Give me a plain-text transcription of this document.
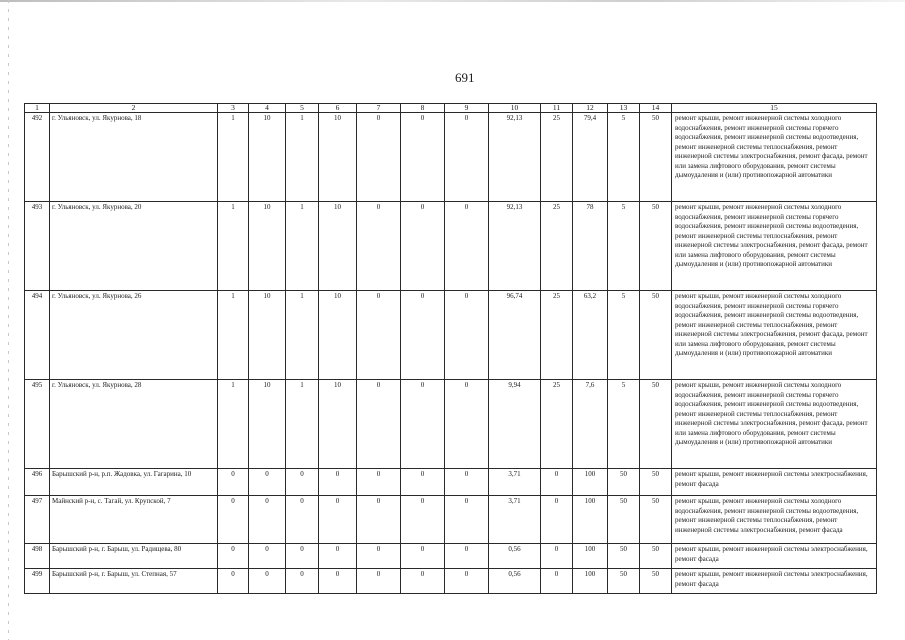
691
1	2	3	4	5	6	7	8	9	10	11	12	13	14	15
492	г. Ульяновск, ул. Якурнова, 18	1	10	1	10	0	0	0	92,13	25	79,4	5	50	ремонт крыши, ремонт инженерной системы холодного водоснабжения, ремонт инженерной системы горячего водоснабжения, ремонт инженерной системы водоотведения, ремонт инженерной системы теплоснабжения, ремонт инженерной системы электроснабжения, ремонт фасада, ремонт или замена лифтового оборудования, ремонт системы дымоудаления и (или) противопожарной автоматики
493	г. Ульяновск, ул. Якурнова, 20	1	10	1	10	0	0	0	92,13	25	78	5	50	ремонт крыши, ремонт инженерной системы холодного водоснабжения, ремонт инженерной системы горячего водоснабжения, ремонт инженерной системы водоотведения, ремонт инженерной системы теплоснабжения, ремонт инженерной системы электроснабжения, ремонт фасада, ремонт или замена лифтового оборудования, ремонт системы дымоудаления и (или) противопожарной автоматики
494	г. Ульяновск, ул. Якурнова, 26	1	10	1	10	0	0	0	96,74	25	63,2	5	50	ремонт крыши, ремонт инженерной системы холодного водоснабжения, ремонт инженерной системы горячего водоснабжения, ремонт инженерной системы водоотведения, ремонт инженерной системы теплоснабжения, ремонт инженерной системы электроснабжения, ремонт фасада, ремонт или замена лифтового оборудования, ремонт системы дымоудаления и (или) противопожарной автоматики
495	г. Ульяновск, ул. Якурнова, 28	1	10	1	10	0	0	0	9,94	25	7,6	5	50	ремонт крыши, ремонт инженерной системы холодного водоснабжения, ремонт инженерной системы горячего водоснабжения, ремонт инженерной системы водоотведения, ремонт инженерной системы теплоснабжения, ремонт инженерной системы электроснабжения, ремонт фасада, ремонт или замена лифтового оборудования, ремонт системы дымоудаления и (или) противопожарной автоматики
496	Барышский р-н, р.п. Жадовка, ул. Гагарина, 10	0	0	0	0	0	0	0	3,71	0	100	50	50	ремонт крыши, ремонт инженерной системы электроснабжения, ремонт фасада
497	Майнский р-н, с. Тагай, ул. Крупской, 7	0	0	0	0	0	0	0	3,71	0	100	50	50	ремонт крыши, ремонт инженерной системы холодного водоснабжения, ремонт инженерной системы водоотведения, ремонт инженерной системы теплоснабжения, ремонт инженерной системы электроснабжения, ремонт фасада
498	Барышский р-н, г. Барыш, ул. Радищева, 80	0	0	0	0	0	0	0	0,56	0	100	50	50	ремонт крыши, ремонт инженерной системы электроснабжения, ремонт фасада
499	Барышский р-н, г. Барыш, ул. Степная, 57	0	0	0	0	0	0	0	0,56	0	100	50	50	ремонт крыши, ремонт инженерной системы электроснабжения, ремонт фасада
